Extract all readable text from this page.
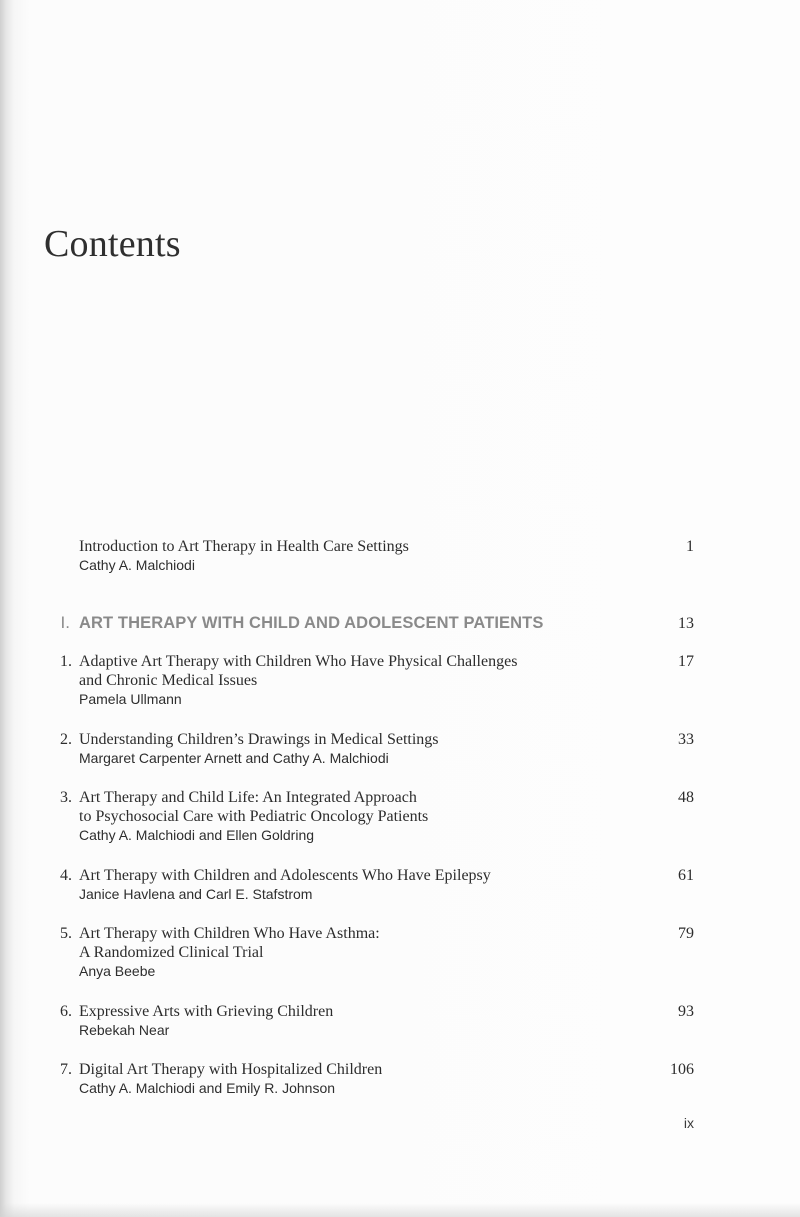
Contents
Introduction to Art Therapy in Health Care Settings
Cathy A. Malchiodi
1
I. ART THERAPY WITH CHILD AND ADOLESCENT PATIENTS	13
1. Adaptive Art Therapy with Children Who Have Physical Challenges
and Chronic Medical Issues
Pamela Ullmann
17
2. Understanding Children’s Drawings in Medical Settings
Margaret Carpenter Arnett and Cathy A. Malchiodi
33
3. Art Therapy and Child Life: An Integrated Approach
to Psychosocial Care with Pediatric Oncology Patients
Cathy A. Malchiodi and Ellen Goldring
48
4. Art Therapy with Children and Adolescents Who Have Epilepsy
Janice Havlena and Carl E. Stafstrom
61
5. Art Therapy with Children Who Have Asthma:
A Randomized Clinical Trial
Anya Beebe
79
6. Expressive Arts with Grieving Children
Rebekah Near
93
7. Digital Art Therapy with Hospitalized Children
Cathy A. Malchiodi and Emily R. Johnson
106
ix
